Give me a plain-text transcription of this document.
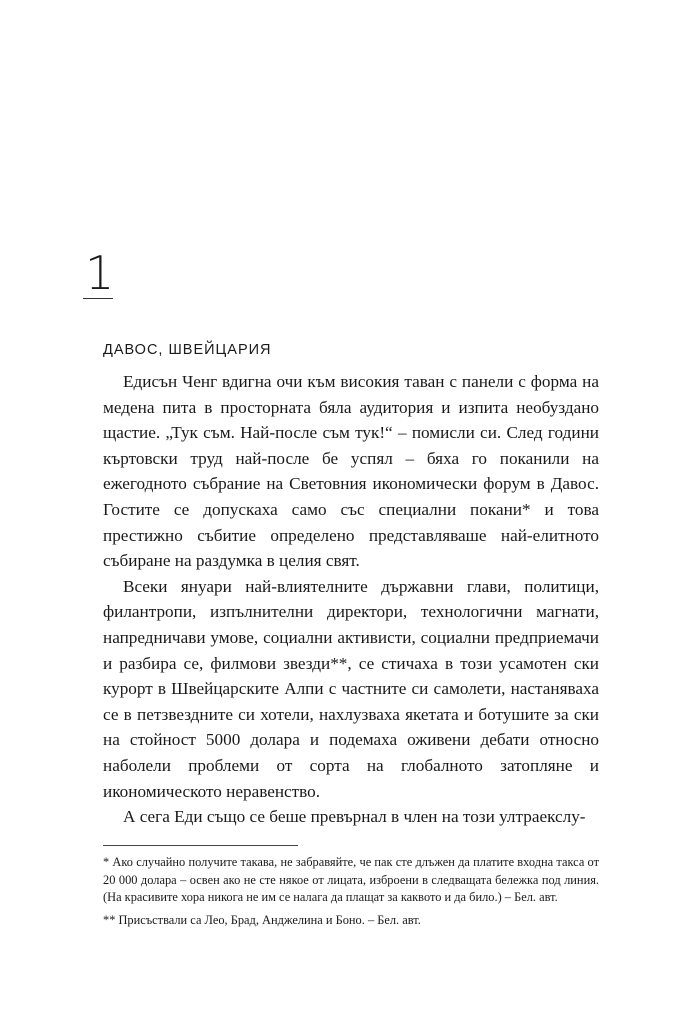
1
ДАВОС, ШВЕЙЦАРИЯ

Едисън Ченг вдигна очи към високия таван с панели с форма на медена пита в просторната бяла аудитория и изпита необуздано щастие. „Тук съм. Най-после съм тук!“ – помисли си. След години къртовски труд най-после бе успял – бяха го поканили на ежегодното събрание на Световния икономически форум в Давос. Гостите се допускаха само със специални покани* и това престижно събитие определено представляваше най-елитното събиране на раздумка в целия свят.

Всеки януари най-влиятелните държавни глави, политици, филантропи, изпълнителни директори, технологични магнати, напредничави умове, социални активисти, социални предприемачи и разбира се, филмови звезди**, се стичаха в този усамотен ски курорт в Швейцарските Алпи с частните си самолети, настаняваха се в петзвездните си хотели, нахлузваха якетата и ботушите за ски на стойност 5000 долара и подемаха оживени дебати относно наболели проблеми от сорта на глобалното затопляне и икономическото неравенство.

А сега Еди също се беше превърнал в член на този ултраекслу-

* Ако случайно получите такава, не забравяйте, че пак сте длъжен да платите входна такса от 20 000 долара – освен ако не сте някое от лицата, изброени в следващата бележка под линия. (На красивите хора никога не им се налага да плащат за каквото и да било.) – Бел. авт.

** Присъствали са Лео, Брад, Анджелина и Боно. – Бел. авт.
